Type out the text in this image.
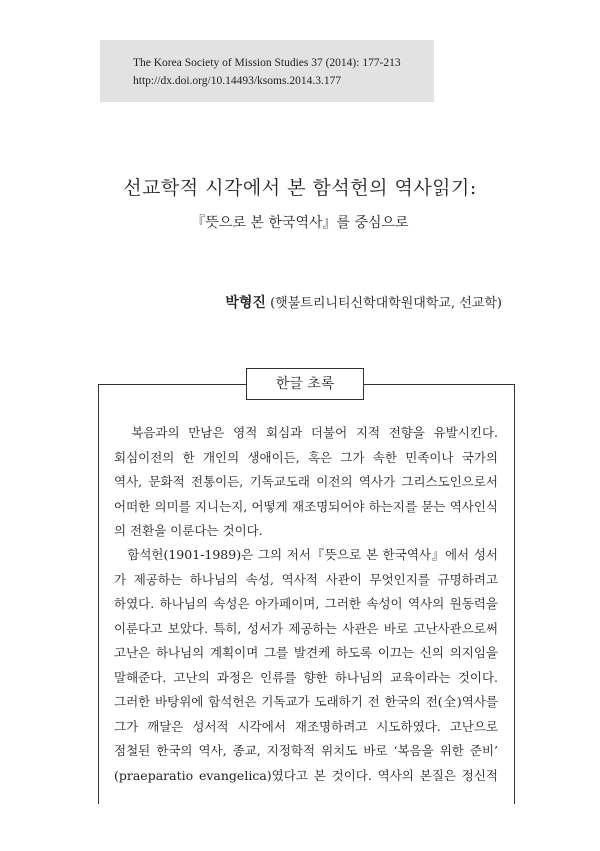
The Korea Society of Mission Studies 37 (2014): 177-213
http://dx.doi.org/10.14493/ksoms.2014.3.177
선교학적 시각에서 본 함석헌의 역사읽기:
『뜻으로 본 한국역사』를 중심으로
박형진 (햇불트리니티신학대학원대학교, 선교학)
한글 초록
　복음과의 만남은 영적 회심과 더불어 지적 전향을 유발시킨다.
회심이전의 한 개인의 생애이든, 혹은 그가 속한 민족이나 국가의
역사, 문화적 전통이든, 기독교도래 이전의 역사가 그리스도인으로서
어떠한 의미를 지니는지, 어떻게 재조명되어야 하는지를 묻는 역사인식
의 전환을 이룬다는 것이다.
　함석헌(1901-1989)은 그의 저서『뜻으로 본 한국역사』에서 성서
가 제공하는 하나님의 속성, 역사적 사관이 무엇인지를 규명하려고
하였다. 하나님의 속성은 아가페이며, 그러한 속성이 역사의 원동력을
이룬다고 보았다. 특히, 성서가 제공하는 사관은 바로 고난사관으로써
고난은 하나님의 계획이며 그를 발견케 하도록 이끄는 신의 의지임을
말해준다. 고난의 과정은 인류를 향한 하나님의 교육이라는 것이다.
그러한 바탕위에 함석헌은 기독교가 도래하기 전 한국의 전(全)역사를
그가 깨달은 성서적 시각에서 재조명하려고 시도하였다. 고난으로
점철된 한국의 역사, 종교, 지정학적 위치도 바로 ‘복음을 위한 준비’
(praeparatio evangelica)였다고 본 것이다. 역사의 본질은 정신적
